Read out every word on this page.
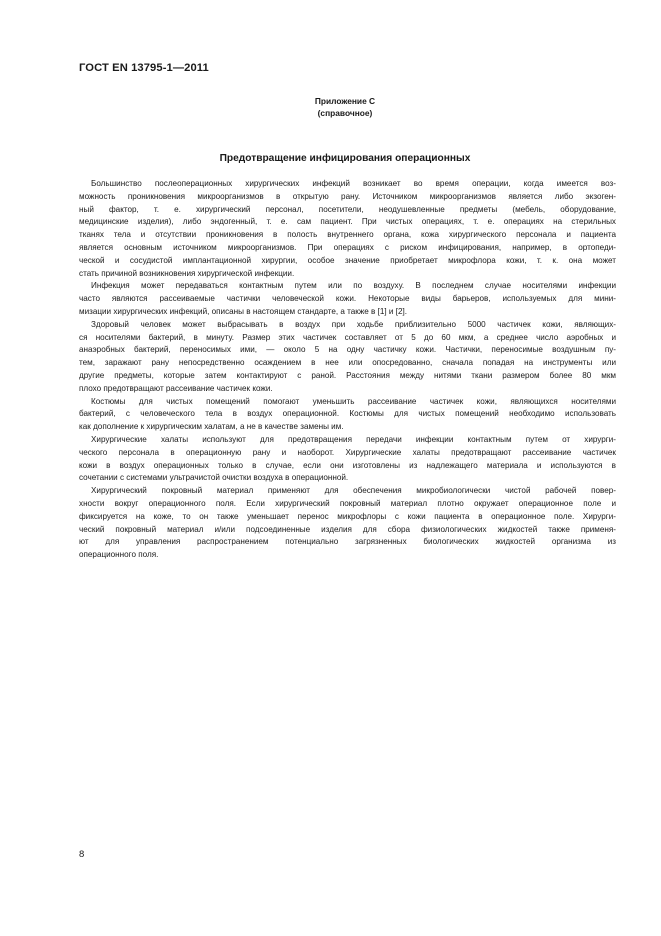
ГОСТ EN 13795-1—2011
Приложение С
(справочное)
Предотвращение инфицирования операционных
Большинство послеоперационных хирургических инфекций возникает во время операции, когда имеется воз-
можность проникновения микроорганизмов в открытую рану. Источником микроорганизмов является либо экзоген-
ный фактор, т. е. хирургический персонал, посетители, неодушевленные предметы (мебель, оборудование,
медицинские изделия), либо эндогенный, т. е. сам пациент. При чистых операциях, т. е. операциях на стерильных
тканях тела и отсутствии проникновения в полость внутреннего органа, кожа хирургического персонала и пациента
является основным источником микроорганизмов. При операциях с риском инфицирования, например, в ортопеди-
ческой и сосудистой имплантационной хирургии, особое значение приобретает микрофлора кожи, т. к. она может
стать причиной возникновения хирургической инфекции.
Инфекция может передаваться контактным путем или по воздуху. В последнем случае носителями инфекции
часто являются рассеиваемые частички человеческой кожи. Некоторые виды барьеров, используемых для мини-
мизации хирургических инфекций, описаны в настоящем стандарте, а также в [1] и [2].
Здоровый человек может выбрасывать в воздух при ходьбе приблизительно 5000 частичек кожи, являющих-
ся носителями бактерий, в минуту. Размер этих частичек составляет от 5 до 60 мкм, а среднее число аэробных и
анаэробных бактерий, переносимых ими, — около 5 на одну частичку кожи. Частички, переносимые воздушным пу-
тем, заражают рану непосредственно осаждением в нее или опосредованно, сначала попадая на инструменты или
другие предметы, которые затем контактируют с раной. Расстояния между нитями ткани размером более 80 мкм
плохо предотвращают рассеивание частичек кожи.
Костюмы для чистых помещений помогают уменьшить рассеивание частичек кожи, являющихся носителями
бактерий, с человеческого тела в воздух операционной. Костюмы для чистых помещений необходимо использовать
как дополнение к хирургическим халатам, а не в качестве замены им.
Хирургические халаты используют для предотвращения передачи инфекции контактным путем от хирурги-
ческого персонала в операционную рану и наоборот. Хирургические халаты предотвращают рассеивание частичек
кожи в воздух операционных только в случае, если они изготовлены из надлежащего материала и используются в
сочетании с системами ультрачистой очистки воздуха в операционной.
Хирургический покровный материал применяют для обеспечения микробиологически чистой рабочей повер-
хности вокруг операционного поля. Если хирургический покровный материал плотно окружает операционное поле и
фиксируется на коже, то он также уменьшает перенос микрофлоры с кожи пациента в операционное поле. Хирурги-
ческий покровный материал и/или подсоединенные изделия для сбора физиологических жидкостей также применя-
ют для управления распространением потенциально загрязненных биологических жидкостей организма из
операционного поля.
8
